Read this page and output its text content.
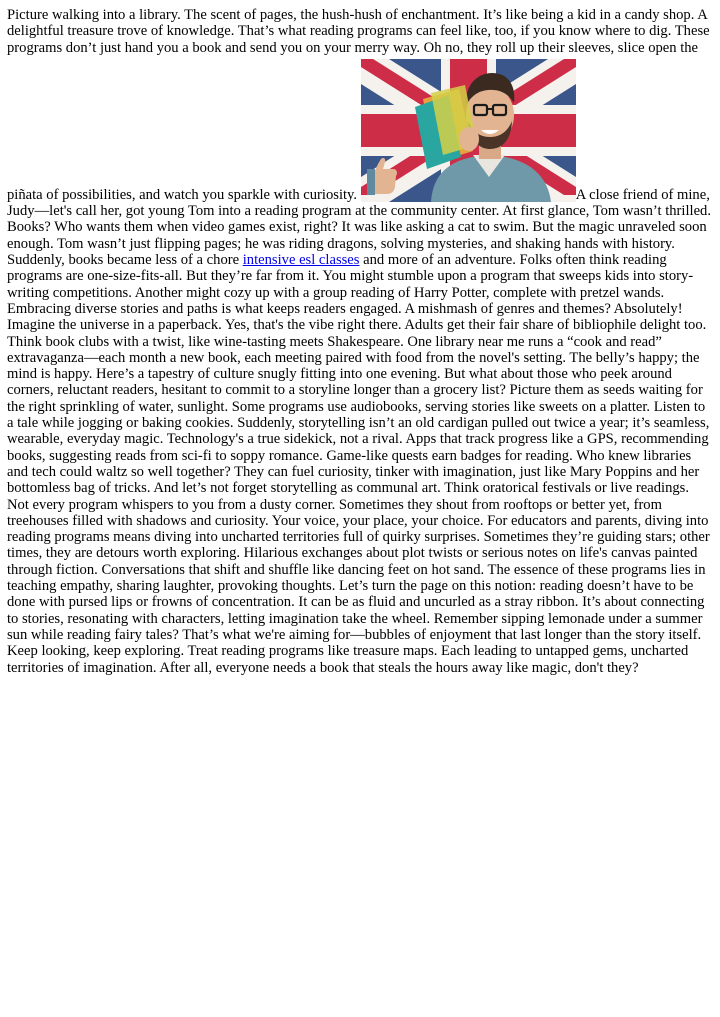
Picture walking into a library. The scent of pages, the hush-hush of enchantment. It’s like being a kid in a candy shop. A delightful treasure trove of knowledge. That’s what reading programs can feel like, too, if you know where to dig. These programs don’t just hand you a book and send you on your merry way. Oh no, they roll up their sleeves, slice open the piñata of possibilities, and watch you sparkle with curiosity.	A close friend of mine, Judy—let's call her, got young Tom into a reading program at the community center. At first glance, Tom wasn’t thrilled. Books? Who wants them when video games exist, right? It was like asking a cat to swim. But the magic unraveled soon enough. Tom wasn’t just flipping pages; he was riding dragons, solving mysteries, and shaking hands with history. Suddenly, books became less of a chore intensive esl classes and more of an adventure. Folks often think reading programs are one-size-fits-all. But they’re far from it. You might stumble upon a program that sweeps kids into story-writing competitions. Another might cozy up with a group reading of Harry Potter, complete with pretzel wands. Embracing diverse stories and paths is what keeps readers engaged. A mishmash of genres and themes? Absolutely! Imagine the universe in a paperback. Yes, that's the vibe right there. Adults get their fair share of bibliophile delight too. Think book clubs with a twist, like wine-tasting meets Shakespeare. One library near me runs a “cook and read” extravaganza—each month a new book, each meeting paired with food from the novel's setting. The belly’s happy; the mind is happy. Here’s a tapestry of culture snugly fitting into one evening. But what about those who peek around corners, reluctant readers, hesitant to commit to a storyline longer than a grocery list? Picture them as seeds waiting for the right sprinkling of water, sunlight. Some programs use audiobooks, serving stories like sweets on a platter. Listen to a tale while jogging or baking cookies. Suddenly, storytelling isn’t an old cardigan pulled out twice a year; it’s seamless, wearable, everyday magic. Technology's a true sidekick, not a rival. Apps that track progress like a GPS, recommending books, suggesting reads from sci-fi to soppy romance. Game-like quests earn badges for reading. Who knew libraries and tech could waltz so well together? They can fuel curiosity, tinker with imagination, just like Mary Poppins and her bottomless bag of tricks. And let’s not forget storytelling as communal art. Think oratorical festivals or live readings. Not every program whispers to you from a dusty corner. Sometimes they shout from rooftops or better yet, from treehouses filled with shadows and curiosity. Your voice, your place, your choice. For educators and parents, diving into reading programs means diving into uncharted territories full of quirky surprises. Sometimes they’re guiding stars; other times, they are detours worth exploring. Hilarious exchanges about plot twists or serious notes on life's canvas painted through fiction. Conversations that shift and shuffle like dancing feet on hot sand. The essence of these programs lies in teaching empathy, sharing laughter, provoking thoughts. Let’s turn the page on this notion: reading doesn’t have to be done with pursed lips or frowns of concentration. It can be as fluid and uncurled as a stray ribbon. It’s about connecting to stories, resonating with characters, letting imagination take the wheel. Remember sipping lemonade under a summer sun while reading fairy tales? That’s what we're aiming for—bubbles of enjoyment that last longer than the story itself. Keep looking, keep exploring. Treat reading programs like treasure maps. Each leading to untapped gems, uncharted territories of imagination. After all, everyone needs a book that steals the hours away like magic, don't they?
